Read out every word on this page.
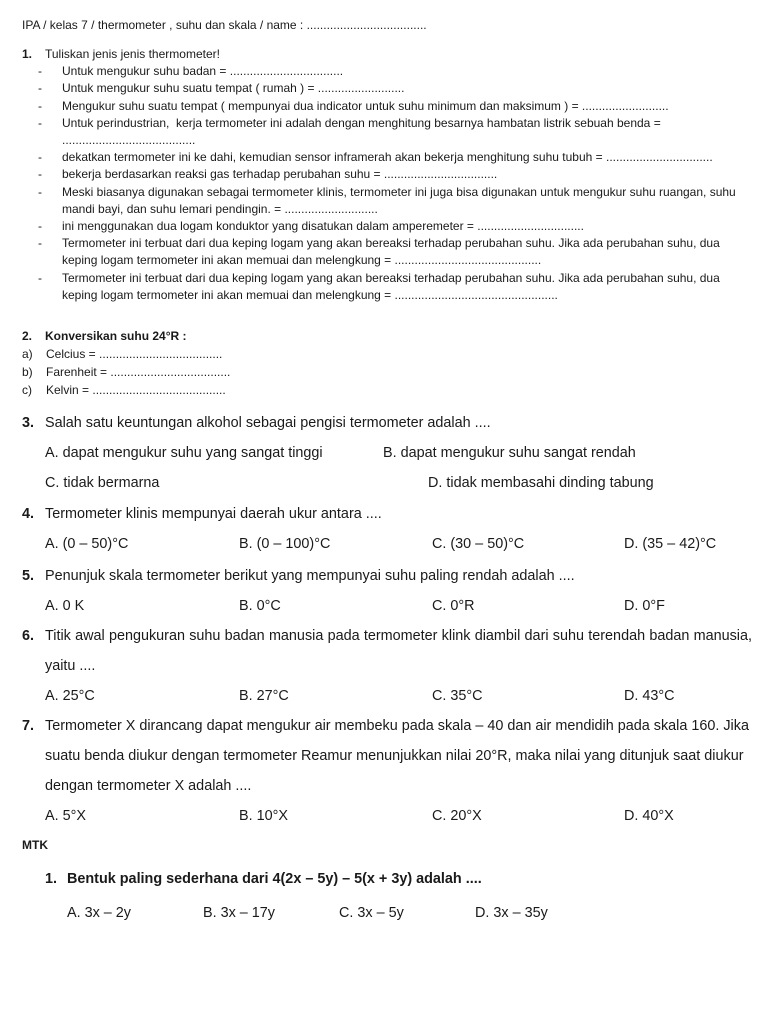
IPA / kelas 7 / thermometer , suhu dan skala / name : ....................................
1.	Tuliskan jenis jenis thermometer!
-	Untuk mengukur suhu badan = ..................................
-	Untuk mengukur suhu suatu tempat ( rumah ) = ..........................
-	Mengukur suhu suatu tempat ( mempunyai dua indicator untuk suhu minimum dan maksimum ) = ..........................
-	Untuk perindustrian,  kerja termometer ini adalah dengan menghitung besarnya hambatan listrik sebuah benda =
........................................
-	dekatkan termometer ini ke dahi, kemudian sensor inframerah akan bekerja menghitung suhu tubuh = ................................
-	bekerja berdasarkan reaksi gas terhadap perubahan suhu = ..................................
-	Meski biasanya digunakan sebagai termometer klinis, termometer ini juga bisa digunakan untuk mengukur suhu ruangan, suhu mandi bayi, dan suhu lemari pendingin. = ............................
-	ini menggunakan dua logam konduktor yang disatukan dalam amperemeter = ................................
-	Termometer ini terbuat dari dua keping logam yang akan bereaksi terhadap perubahan suhu. Jika ada perubahan suhu, dua keping logam termometer ini akan memuai dan melengkung = ............................................
-	Termometer ini terbuat dari dua keping logam yang akan bereaksi terhadap perubahan suhu. Jika ada perubahan suhu, dua keping logam termometer ini akan memuai dan melengkung = .................................................
2.	Konversikan suhu 24°R :
a)	Celcius = .....................................
b)	Farenheit = ....................................
c)	Kelvin = ........................................
3. Salah satu keuntungan alkohol sebagai pengisi termometer adalah ....
A. dapat mengukur suhu yang sangat tinggi	B. dapat mengukur suhu sangat rendah
C. tidak bermarna	D. tidak membasahi dinding tabung
4. Termometer klinis mempunyai daerah ukur antara ....
A. (0 – 50)°C	B. (0 – 100)°C	C. (30 – 50)°C	D. (35 – 42)°C
5. Penunjuk skala termometer berikut yang mempunyai suhu paling rendah adalah ....
A. 0 K	B. 0°C	C. 0°R	D. 0°F
6. Titik awal pengukuran suhu badan manusia pada termometer klink diambil dari suhu terendah badan manusia, yaitu ....
A. 25°C	B. 27°C	C. 35°C	D. 43°C
7. Termometer X dirancang dapat mengukur air membeku pada skala – 40 dan air mendidih pada skala 160. Jika suatu benda diukur dengan termometer Reamur menunjukkan nilai 20°R, maka nilai yang ditunjuk saat diukur dengan termometer X adalah ....
A. 5°X	B. 10°X	C. 20°X	D. 40°X
MTK
1. Bentuk paling sederhana dari 4(2x – 5y) – 5(x + 3y) adalah ....
A. 3x – 2y	B. 3x – 17y	C. 3x – 5y	D. 3x – 35y
